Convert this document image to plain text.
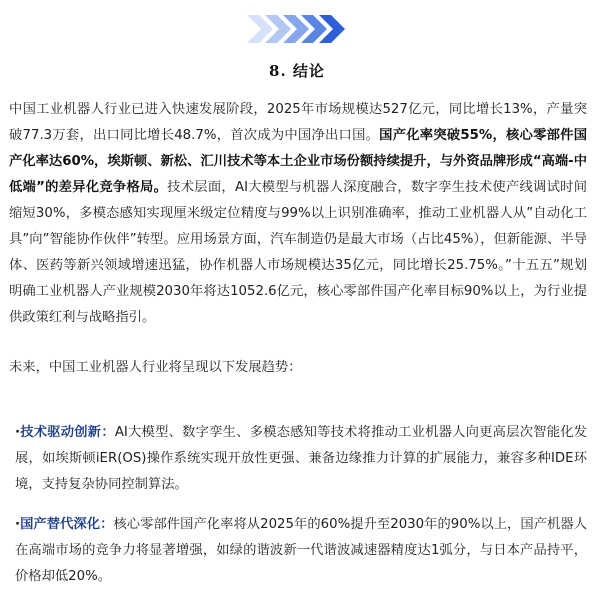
8. 结论

中国工业机器人行业已进入快速发展阶段，2025年市场规模达527亿元，同比增长13%，产量突破77.3万套，出口同比增长48.7%，首次成为中国净出口国。国产化率突破55%，核心零部件国产化率达60%，埃斯顿、新松、汇川技术等本土企业市场份额持续提升，与外资品牌形成“高端-中低端”的差异化竞争格局。技术层面，AI大模型与机器人深度融合，数字孪生技术使产线调试时间缩短30%，多模态感知实现厘米级定位精度与99%以上识别准确率，推动工业机器人从”自动化工具”向”智能协作伙伴”转型。应用场景方面，汽车制造仍是最大市场（占比45%），但新能源、半导体、医药等新兴领域增速迅猛，协作机器人市场规模达35亿元，同比增长25.75%。”十五五”规划明确工业机器人产业规模2030年将达1052.6亿元，核心零部件国产化率目标90%以上，为行业提供政策红利与战略指引。

未来，中国工业机器人行业将呈现以下发展趋势：

·技术驱动创新：AI大模型、数字孪生、多模态感知等技术将推动工业机器人向更高层次智能化发展，如埃斯顿iER(OS)操作系统实现开放性更强、兼备边缘推力计算的扩展能力，兼容多种IDE环境，支持复杂协同控制算法。

·国产替代深化：核心零部件国产化率将从2025年的60%提升至2030年的90%以上，国产机器人在高端市场的竞争力将显著增强，如绿的谐波新一代谐波减速器精度达1弧分，与日本产品持平，价格却低20%。
